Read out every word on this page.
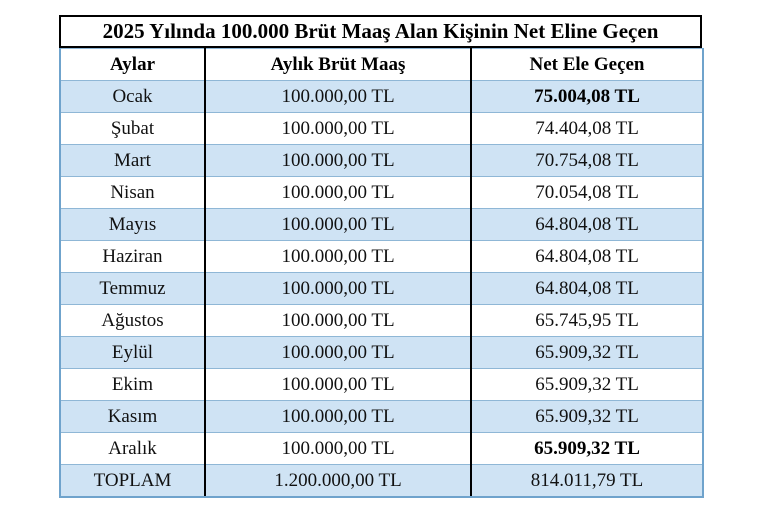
2025 Yılında 100.000 Brüt Maaş Alan Kişinin Net Eline Geçen
Aylar	Aylık Brüt Maaş	Net Ele Geçen
Ocak	100.000,00 TL	75.004,08 TL
Şubat	100.000,00 TL	74.404,08 TL
Mart	100.000,00 TL	70.754,08 TL
Nisan	100.000,00 TL	70.054,08 TL
Mayıs	100.000,00 TL	64.804,08 TL
Haziran	100.000,00 TL	64.804,08 TL
Temmuz	100.000,00 TL	64.804,08 TL
Ağustos	100.000,00 TL	65.745,95 TL
Eylül	100.000,00 TL	65.909,32 TL
Ekim	100.000,00 TL	65.909,32 TL
Kasım	100.000,00 TL	65.909,32 TL
Aralık	100.000,00 TL	65.909,32 TL
TOPLAM	1.200.000,00 TL	814.011,79 TL
